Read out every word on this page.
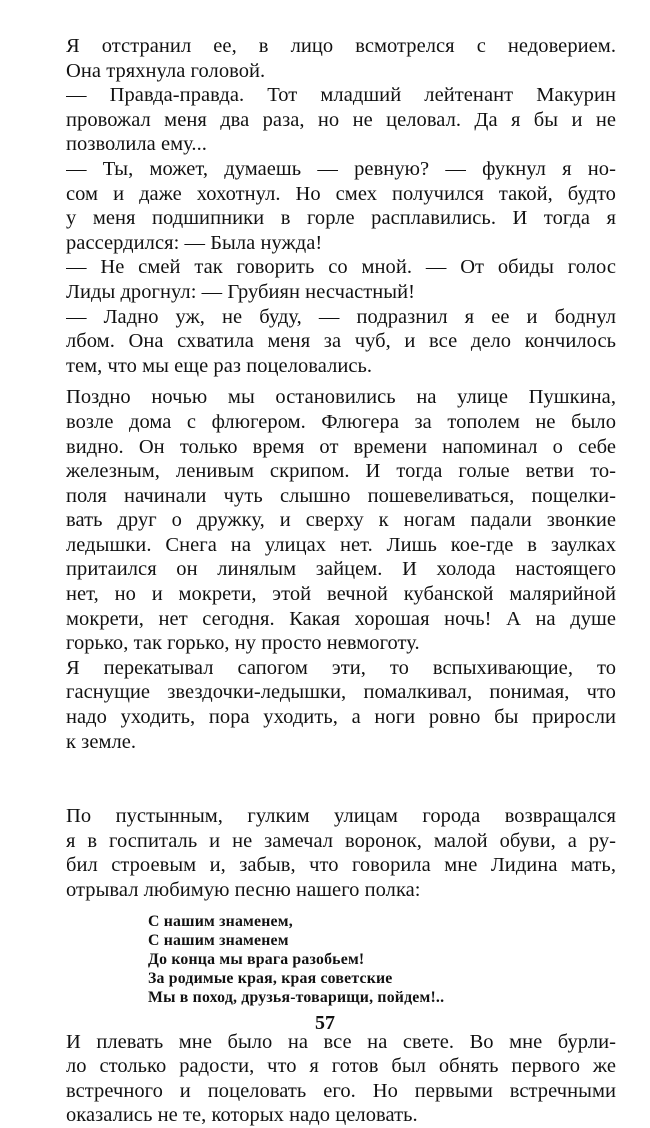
Я отстранил ее, в лицо всмотрелся с недоверием.
Она тряхнула головой.

— Правда-правда. Тот младший лейтенант Макурин
провожал меня два раза, но не целовал. Да я бы и не
позволила ему...

— Ты, может, думаешь — ревную? — фукнул я но-
сом и даже хохотнул. Но смех получился такой, будто
у меня подшипники в горле расплавились. И тогда я
рассердился: — Была нужда!

— Не смей так говорить со мной. — От обиды голос
Лиды дрогнул: — Грубиян несчастный!

— Ладно уж, не буду, — подразнил я ее и боднул
лбом. Она схватила меня за чуб, и все дело кончилось
тем, что мы еще раз поцеловались.

Поздно ночью мы остановились на улице Пушкина,
возле дома с флюгером. Флюгера за тополем не было
видно. Он только время от времени напоминал о себе
железным, ленивым скрипом. И тогда голые ветви то-
поля начинали чуть слышно пошевеливаться, пощелки-
вать друг о дружку, и сверху к ногам падали звонкие
ледышки. Снега на улицах нет. Лишь кое-где в заулках
притаился он линялым зайцем. И холода настоящего
нет, но и мокрети, этой вечной кубанской малярийной
мокрети, нет сегодня. Какая хорошая ночь! А на душе
горько, так горько, ну просто невмоготу.

Я перекатывал сапогом эти, то вспыхивающие, то
гаснущие звездочки-ледышки, помалкивал, понимая, что
надо уходить, пора уходить, а ноги ровно бы приросли
к земле.

По пустынным, гулким улицам города возвращался
я в госпиталь и не замечал воронок, малой обуви, а ру-
бил строевым и, забыв, что говорила мне Лидина мать,
отрывал любимую песню нашего полка:

С нашим знаменем,
С нашим знаменем
До конца мы врага разобьем!
За родимые края, края советские
Мы в поход, друзья-товарищи, пойдем!..

И плевать мне было на все на свете. Во мне бурли-
ло столько радости, что я готов был обнять первого же
встречного и поцеловать его. Но первыми встречными
оказались не те, которых надо целовать.

57
